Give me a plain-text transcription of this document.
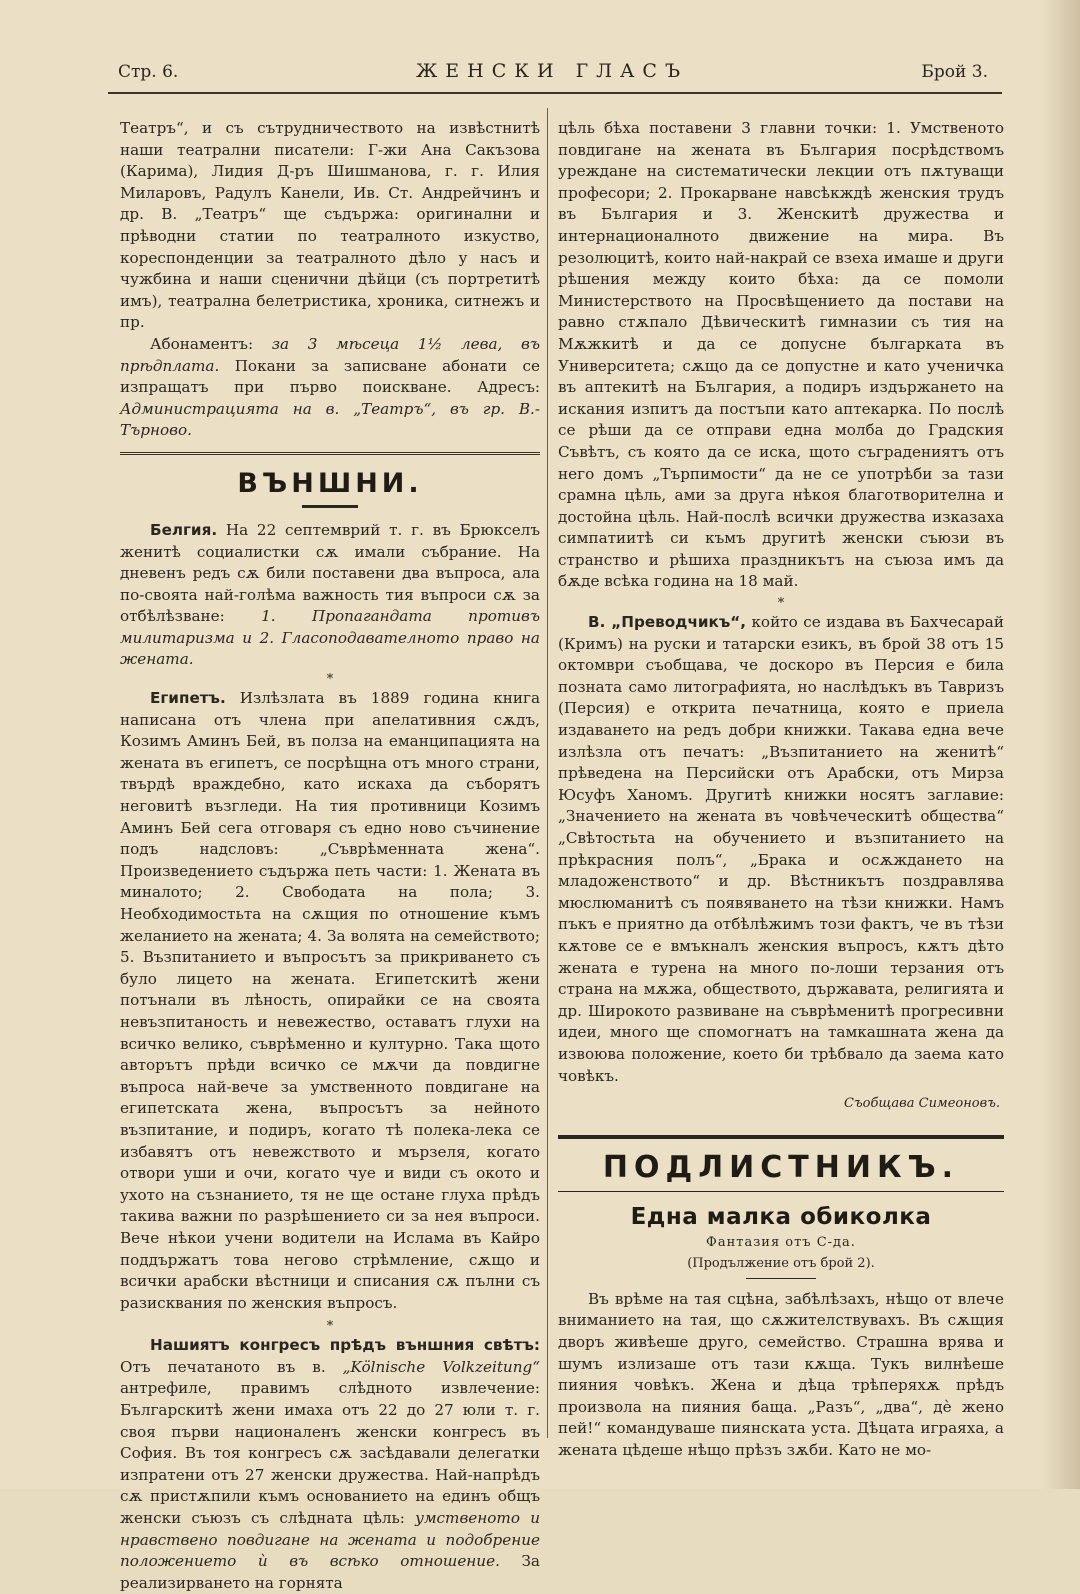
Стр. 6.	ЖЕНСКИ ГЛАСЪ	Брой 3.

Театръ“, и съ сътрудничеството на извѣстнитѣ наши театрални писатели: Г-жи Ана Сакъзова (Карима), Лидия Д-ръ Шишманова, г. г. Илия Миларовъ, Радулъ Канели, Ив. Ст. Андрейчинъ и др. В. „Театръ“ ще съдържа: оригинални и прѣводни статии по театралното изкуство, кореспонденции за театралното дѣло у насъ и чужбина и наши сценични дѣйци (съ портретитѣ имъ), театрална белетристика, хроника, ситнежъ и пр.

Абонаментъ: за 3 мѣсеца 1½ лева, въ прѣдплата. Покани за записване абонати се изпращатъ при първо поискване. Адресъ: Администрацията на в. „Театръ“, въ гр. В.-Търново.

ВЪНШНИ.

Белгия. На 22 септемврий т. г. въ Брюкселъ женитѣ социалистки сѫ имали събрание. На дневенъ редъ сѫ били поставени два въпроса, ала по-своята най-голѣма важность тия въпроси сѫ за отбѣлѣзване: 1. Пропагандата противъ милитаризма и 2. Гласоподавателното право на жената.

*

Египетъ. Излѣзлата въ 1889 година книга написана отъ члена при апелативния сѫдъ, Козимъ Аминъ Бей, въ полза на еманципацията на жената въ египетъ, се посрѣщна отъ много страни, твърдѣ враждебно, като искаха да съборятъ неговитѣ възгледи. На тия противници Козимъ Аминъ Бей сега отговаря съ едно ново съчинение подъ надсловъ: „Съврѣменната жена“. Произведението съдържа петь части: 1. Жената въ миналото; 2. Свободата на пола; 3. Необходимостьта на сѫщия по отношение къмъ желанието на жената; 4. За волята на семейството; 5. Възпитанието и въпросътъ за прикриването съ було лицето на жената. Египетскитѣ жени потънали въ лѣность, опирайки се на своята невъзпитаность и невежество, оставатъ глухи на всичко велико, съврѣменно и културно. Така щото авторътъ прѣди всичко се мѫчи да повдигне въпроса най-вече за умственното повдигане на египетската жена, въпросътъ за нейното възпитание, и подиръ, когато тѣ полека-лека се избавятъ отъ невежството и мързеля, когато отвори уши и очи, когато чуе и види съ окото и ухото на съзнанието, тя не ще остане глуха прѣдъ такива важни по разрѣшението си за нея въпроси. Вече нѣкои учени водители на Ислама въ Кайро поддържатъ това негово стрѣмление, сѫщо и всички арабски вѣстници и списания сѫ пълни съ разисквания по женския въпросъ.

*

Нашиятъ конгресъ прѣдъ външния свѣтъ: Отъ печатаното въ в. „Kölnische Volkzeitung“ антрефиле, правимъ слѣдното извлечение: Българскитѣ жени имаха отъ 22 до 27 юли т. г. своя първи националенъ женски конгресъ въ София. Въ тоя конгресъ сѫ засѣдавали делегатки изпратени отъ 27 женски дружества. Най-напрѣдъ сѫ пристѫпили къмъ основанието на единъ общъ женски съюзъ съ слѣдната цѣль: умственото и нравствено повдигане на жената и подобрение положението ѝ въ всѣко отношение. За реализирването на горнята

цѣль бѣха поставени 3 главни точки: 1. Умственото повдигане на жената въ България посрѣдствомъ уреждане на систематически лекции отъ пѫтуващи професори; 2. Прокарване навсѣкждѣ женския трудъ въ България и 3. Женскитѣ дружества и интернационалното движение на мира. Въ резолюцитѣ, които най-накрай се взеха имаше и други рѣшения между които бѣха: да се помоли Министерството на Просвѣщението да постави на равно стѫпало Дѣвическитѣ гимназии съ тия на Мѫжкитѣ и да се допусне българката въ Университета; сѫщо да се допустне и като ученичка въ аптекитѣ на България, а подиръ издържането на искания изпитъ да постъпи като аптекарка. По послѣ се рѣши да се отправи една молба до Градския Съвѣтъ, съ която да се иска, щото съградениятъ отъ него домъ „Търпимости“ да не се употрѣби за тази срамна цѣль, ами за друга нѣкоя благотворителна и достойна цѣль. Най-послѣ всички дружества изказаха симпатиитѣ си къмъ другитѣ женски съюзи въ странство и рѣшиха праздникътъ на съюза имъ да бѫде всѣка година на 18 май.

*

В. „Преводчикъ“, който се издава въ Бахчесарай (Кримъ) на руски и татарски езикъ, въ брой 38 отъ 15 октомври съобщава, че доскоро въ Персия е била позната само литографията, но наслѣдъкъ въ Тавризъ (Персия) е открита печатница, която е приела издаването на редъ добри книжки. Такава една вече излѣзла отъ печатъ: „Възпитанието на женитѣ“ прѣведена на Персийски отъ Арабски, отъ Мирза Юсуфъ Ханомъ. Другитѣ книжки носятъ заглавие: „Значението на жената въ човѣчеческитѣ общества“ „Свѣтостьта на обучението и възпитанието на прѣкрасния полъ“, „Брака и осѫждането на младоженството“ и др. Вѣстникътъ поздравлява мюслюманитѣ съ появяването на тѣзи книжки. Намъ пъкъ е приятно да отбѣлѣжимъ този фактъ, че въ тѣзи кѫтове се е вмъкналъ женския въпросъ, кѫтъ дѣто жената е турена на много по-лоши терзания отъ страна на мѫжа, обществото, държавата, религията и др. Широкото развиване на съврѣменитѣ прогресивни идеи, много ще спомогнатъ на тамкашната жена да извоюва положение, което би трѣбвало да заема като човѣкъ.

Съобщава Симеоновъ.
ПОДЛИСТНИКЪ.
Една малка обиколка
Фантазия отъ С-дa.
(Продължение отъ брой 2).

Въ врѣме на тая сцѣна, забѣлѣзахъ, нѣщо от влече вниманието на тая, що сѫжителствувахъ. Въ сѫщия дворъ живѣеше друго, семейство. Страшна врява и шумъ излизаше отъ тази кѫща. Тукъ вилнѣеше пияния човѣкъ. Жена и дѣца трѣперяхѫ прѣдъ произвола на пияния баща. „Разъ“, „два“, дѐ жено пей!“ командуваше пиянската уста. Дѣцата играяха, а жената цѣдеше нѣщо прѣзъ зѫби. Като не мо-
